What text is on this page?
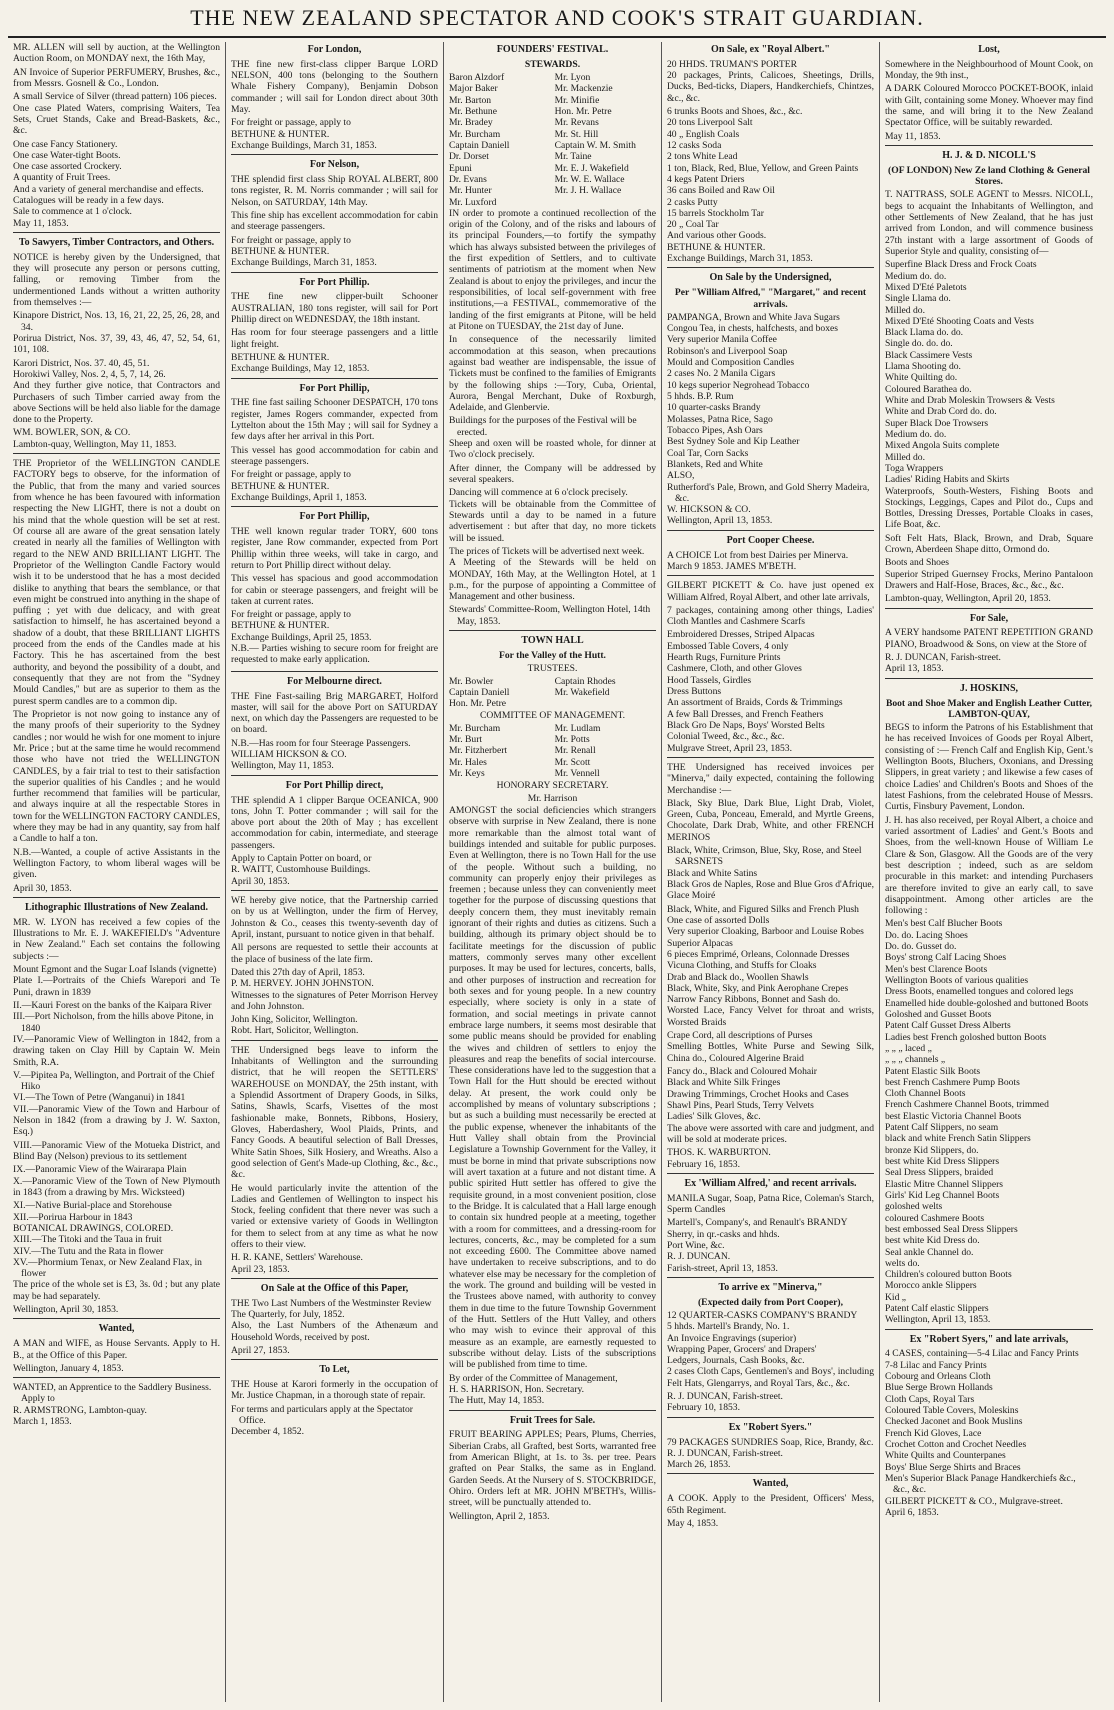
THE NEW ZEALAND SPECTATOR AND COOK'S STRAIT GUARDIAN.
MR. ALLEN will sell by auction, at the Wellington Auction Room, on MONDAY next, the 16th May,
AN Invoice of Superior PERFUMERY, Brushes, &c., from Messrs. Gosnell & Co., London.
A small Service of Silver (thread pattern) 106 pieces.
One case Plated Waters, comprising Waiters, Tea Sets, Cruet Stands, Cake and Bread-Baskets, &c., &c.
One case Fancy Stationery.
One case Water-tight Boots.
One case assorted Crockery.
A quantity of Fruit Trees.
And a variety of general merchandise and effects.
Catalogues will be ready in a few days.
Sale to commence at 1 o'clock.
May 11, 1853.
To Sawyers, Timber Contractors, and Others.
NOTICE is hereby given by the Undersigned, that they will prosecute any person or persons cutting, falling, or removing Timber from the undermentioned Lands without a written authority from themselves :—
Kinapore District, Nos. 13, 16, 21, 22, 25, 26, 28, and 34.
Porirua District, Nos. 37, 39, 43, 46, 47, 52, 54, 61, 101, 108.
Karori District, Nos. 37. 40, 45, 51.
Horokiwi Valley, Nos. 2, 4, 5, 7, 14, 26.
And they further give notice, that Contractors and Purchasers of such Timber carried away from the above Sections will be held also liable for the damage done to the Property.
WM. BOWLER, SON, & CO.
Lambton-quay, Wellington, May 11, 1853.
THE Proprietor of the WELLINGTON CANDLE FACTORY begs to observe, for the information of the Public, that from the many and varied sources from whence he has been favoured with information respecting the New LIGHT, there is not a doubt on his mind that the whole question will be set at rest. Of course all are aware of the great sensation lately created in nearly all the families of Wellington with regard to the NEW AND BRILLIANT LIGHT. The Proprietor of the Wellington Candle Factory would wish it to be understood that he has a most decided dislike to anything that bears the semblance, or that even might be construed into anything in the shape of puffing ; yet with due delicacy, and with great satisfaction to himself, he has ascertained beyond a shadow of a doubt, that these BRILLIANT LIGHTS proceed from the ends of the Candles made at his Factory. This he has ascertained from the best authority, and beyond the possibility of a doubt, and consequently that they are not from the "Sydney Mould Candles," but are as superior to them as the purest sperm candles are to a common dip.
The Proprietor is not now going to instance any of the many proofs of their superiority to the Sydney candles ; nor would he wish for one moment to injure Mr. Price ; but at the same time he would recommend those who have not tried the WELLINGTON CANDLES, by a fair trial to test to their satisfaction the superior qualities of his Candles ; and he would further recommend that families will be particular, and always inquire at all the respectable Stores in town for the WELLINGTON FACTORY CANDLES, where they may be had in any quantity, say from half a Candle to half a ton.
N.B.—Wanted, a couple of active Assistants in the Wellington Factory, to whom liberal wages will be given.
April 30, 1853.
Lithographic Illustrations of New Zealand.
MR. W. LYON has received a few copies of the Illustrations to Mr. E. J. WAKEFIELD's "Adventure in New Zealand." Each set contains the following subjects :—
Mount Egmont and the Sugar Loaf Islands (vignette)
Plate I.—Portraits of the Chiefs Warepori and Te Puni, drawn in 1839
II.—Kauri Forest on the banks of the Kaipara River
III.—Port Nicholson, from the hills above Pitone, in 1840
IV.—Panoramic View of Wellington in 1842, from a drawing taken on Clay Hill by Captain W. Mein Smith, R.A.
V.—Pipitea Pa, Wellington, and Portrait of the Chief Hiko
VI.—The Town of Petre (Wanganui) in 1841
VII.—Panoramic View of the Town and Harbour of Nelson in 1842 (from a drawing by J. W. Saxton, Esq.)
VIII.—Panoramic View of the Motueka District, and Blind Bay (Nelson) previous to its settlement
IX.—Panoramic View of the Wairarapa Plain
X.—Panoramic View of the Town of New Plymouth in 1843 (from a drawing by Mrs. Wicksteed)
XI.—Native Burial-place and Storehouse
XII.—Porirua Harbour in 1843
BOTANICAL DRAWINGS, COLORED.
XIII.—The Titoki and the Taua in fruit
XIV.—The Tutu and the Rata in flower
XV.—Phormium Tenax, or New Zealand Flax, in flower
The price of the whole set is £3, 3s. 0d ; but any plate may be had separately.
Wellington, April 30, 1853.
Wanted,
A MAN and WIFE, as House Servants. Apply to H. B., at the Office of this Paper.
Wellington, January 4, 1853.
WANTED, an Apprentice to the Saddlery Business. Apply to
R. ARMSTRONG, Lambton-quay.
March 1, 1853.
For London,
THE fine new first-class clipper Barque LORD NELSON, 400 tons (belonging to the Southern Whale Fishery Company), Benjamin Dobson commander ; will sail for London direct about 30th May.
For freight or passage, apply to
BETHUNE & HUNTER.
Exchange Buildings, March 31, 1853.
For Nelson,
THE splendid first class Ship ROYAL ALBERT, 800 tons register, R. M. Norris commander ; will sail for Nelson, on SATURDAY, 14th May.
This fine ship has excellent accommodation for cabin and steerage passengers.
For freight or passage, apply to
BETHUNE & HUNTER.
Exchange Buildings, March 31, 1853.
For Port Phillip.
THE fine new clipper-built Schooner AUSTRALIAN, 180 tons register, will sail for Port Phillip direct on WEDNESDAY, the 18th instant.
Has room for four steerage passengers and a little light freight.
BETHUNE & HUNTER.
Exchange Buildings, May 12, 1853.
For Port Phillip,
THE fine fast sailing Schooner DESPATCH, 170 tons register, James Rogers commander, expected from Lyttelton about the 15th May ; will sail for Sydney a few days after her arrival in this Port.
This vessel has good accommodation for cabin and steerage passengers.
For freight or passage, apply to
BETHUNE & HUNTER.
Exchange Buildings, April 1, 1853.
For Port Phillip,
THE well known regular trader TORY, 600 tons register, Jane Row commander, expected from Port Phillip within three weeks, will take in cargo, and return to Port Phillip direct without delay.
This vessel has spacious and good accommodation for cabin or steerage passengers, and freight will be taken at current rates.
For freight or passage, apply to
BETHUNE & HUNTER.
Exchange Buildings, April 25, 1853.
N.B.— Parties wishing to secure room for freight are requested to make early application.
For Melbourne direct.
THE Fine Fast-sailing Brig MARGARET, Holford master, will sail for the above Port on SATURDAY next, on which day the Passengers are requested to be on board.
N.B.—Has room for four Steerage Passengers.
WILLIAM HICKSON & CO.
Wellington, May 11, 1853.
For Port Phillip direct,
THE splendid A 1 clipper Barque OCEANICA, 900 tons, John T. Potter commander ; will sail for the above port about the 20th of May ; has excellent accommodation for cabin, intermediate, and steerage passengers.
Apply to Captain Potter on board, or
R. WAITT, Customhouse Buildings.
April 30, 1853.
WE hereby give notice, that the Partnership carried on by us at Wellington, under the firm of Hervey, Johnston & Co., ceases this twenty-seventh day of April, instant, pursuant to notice given in that behalf.
All persons are requested to settle their accounts at the place of business of the late firm.
Dated this 27th day of April, 1853.
P. M. HERVEY. JOHN JOHNSTON.
Witnesses to the signatures of Peter Morrison Hervey and John Johnston.
John King, Solicitor, Wellington.
Robt. Hart, Solicitor, Wellington.
THE Undersigned begs leave to inform the Inhabitants of Wellington and the surrounding district, that he will reopen the SETTLERS' WAREHOUSE on MONDAY, the 25th instant, with a Splendid Assortment of Drapery Goods, in Silks, Satins, Shawls, Scarfs, Visettes of the most fashionable make, Bonnets, Ribbons, Hosiery, Gloves, Haberdashery, Wool Plaids, Prints, and Fancy Goods. A beautiful selection of Ball Dresses, White Satin Shoes, Silk Hosiery, and Wreaths. Also a good selection of Gent's Made-up Clothing, &c., &c., &c.
He would particularly invite the attention of the Ladies and Gentlemen of Wellington to inspect his Stock, feeling confident that there never was such a varied or extensive variety of Goods in Wellington for them to select from at any time as what he now offers to their view.
H. R. KANE, Settlers' Warehouse.
April 23, 1853.
On Sale at the Office of this Paper,
THE Two Last Numbers of the Westminster Review
The Quarterly, for July, 1852.
Also, the Last Numbers of the Athenæum and Household Words, received by post.
April 27, 1853.
To Let,
THE House at Karori formerly in the occupation of Mr. Justice Chapman, in a thorough state of repair.
For terms and particulars apply at the Spectator Office.
December 4, 1852.
FOUNDERS' FESTIVAL.
STEWARDS.
Baron Alzdorf	Mr. Lyon
Major Baker	Mr. Mackenzie
Mr. Barton	Mr. Minifie
Mr. Bethune	Hon. Mr. Petre
Mr. Bradey	Mr. Revans
Mr. Burcham	Mr. St. Hill
Captain Daniell	Captain W. M. Smith
Dr. Dorset	Mr. Taine
Epuni	Mr. E. J. Wakefield
Dr. Evans	Mr. W. E. Wallace
Mr. Hunter	Mr. J. H. Wallace
Mr. Luxford
IN order to promote a continued recollection of the origin of the Colony, and of the risks and labours of its principal Founders,—to fortify the sympathy which has always subsisted between the privileges of the first expedition of Settlers, and to cultivate sentiments of patriotism at the moment when New Zealand is about to enjoy the privileges, and incur the responsibilities, of local self-government with free institutions,—a FESTIVAL, commemorative of the landing of the first emigrants at Pitone, will be held at Pitone on TUESDAY, the 21st day of June.
In consequence of the necessarily limited accommodation at this season, when precautions against bad weather are indispensable, the issue of Tickets must be confined to the families of Emigrants by the following ships :—Tory, Cuba, Oriental, Aurora, Bengal Merchant, Duke of Roxburgh, Adelaide, and Glenbervie.
Buildings for the purposes of the Festival will be erected.
Sheep and oxen will be roasted whole, for dinner at Two o'clock precisely.
After dinner, the Company will be addressed by several speakers.
Dancing will commence at 6 o'clock precisely.
Tickets will be obtainable from the Committee of Stewards until a day to be named in a future advertisement : but after that day, no more tickets will be issued.
The prices of Tickets will be advertised next week.
A Meeting of the Stewards will be held on MONDAY, 16th May, at the Wellington Hotel, at 1 p.m., for the purpose of appointing a Committee of Management and other business.
Stewards' Committee-Room, Wellington Hotel, 14th May, 1853.
TOWN HALL
For the Valley of the Hutt.
TRUSTEES.
Mr. Bowler	Captain Rhodes
Captain Daniell	Mr. Wakefield
Hon. Mr. Petre
COMMITTEE OF MANAGEMENT.
Mr. Burcham	Mr. Ludlam
Mr. Burt	Mr. Potts
Mr. Fitzherbert	Mr. Renall
Mr. Hales	Mr. Scott
Mr. Keys	Mr. Vennell
HONORARY SECRETARY.
Mr. Harrison
AMONGST the social deficiencies which strangers observe with surprise in New Zealand, there is none more remarkable than the almost total want of buildings intended and suitable for public purposes. Even at Wellington, there is no Town Hall for the use of the people. Without such a building, no community can properly enjoy their privileges as freemen ; because unless they can conveniently meet together for the purpose of discussing questions that deeply concern them, they must inevitably remain ignorant of their rights and duties as citizens. Such a building, although its primary object should be to facilitate meetings for the discussion of public matters, commonly serves many other excellent purposes. It may be used for lectures, concerts, balls, and other purposes of instruction and recreation for both sexes and for young people. In a new country especially, where society is only in a state of formation, and social meetings in private cannot embrace large numbers, it seems most desirable that some public means should be provided for enabling the wives and children of settlers to enjoy the pleasures and reap the benefits of social intercourse. These considerations have led to the suggestion that a Town Hall for the Hutt should be erected without delay. At present, the work could only be accomplished by means of voluntary subscriptions ; but as such a building must necessarily be erected at the public expense, whenever the inhabitants of the Hutt Valley shall obtain from the Provincial Legislature a Township Government for the Valley, it must be borne in mind that private subscriptions now will avert taxation at a future and not distant time. A public spirited Hutt settler has offered to give the requisite ground, in a most convenient position, close to the Bridge. It is calculated that a Hall large enough to contain six hundred people at a meeting, together with a room for committees, and a dressing-room for lectures, concerts, &c., may be completed for a sum not exceeding £600. The Committee above named have undertaken to receive subscriptions, and to do whatever else may be necessary for the completion of the work. The ground and building will be vested in the Trustees above named, with authority to convey them in due time to the future Township Government of the Hutt. Settlers of the Hutt Valley, and others who may wish to evince their approval of this measure as an example, are earnestly requested to subscribe without delay. Lists of the subscriptions will be published from time to time.
By order of the Committee of Management,
H. S. HARRISON, Hon. Secretary.
The Hutt, May 14, 1853.
Fruit Trees for Sale.
FRUIT BEARING APPLES; Pears, Plums, Cherries, Siberian Crabs, all Grafted, best Sorts, warranted free from American Blight, at 1s. to 3s. per tree. Pears grafted on Pear Stalks, the same as in England. Garden Seeds. At the Nursery of S. STOCKBRIDGE, Ohiro. Orders left at MR. JOHN M'BETH's, Willis-street, will be punctually attended to.
Wellington, April 2, 1853.
On Sale, ex "Royal Albert."
20 HHDS. TRUMAN'S PORTER
20 packages, Prints, Calicoes, Sheetings, Drills, Ducks, Bed-ticks, Diapers, Handkerchiefs, Chintzes, &c., &c.
6 trunks Boots and Shoes, &c., &c.
20 tons Liverpool Salt
40 „ English Coals
12 casks Soda
2 tons White Lead
1 ton, Black, Red, Blue, Yellow, and Green Paints
4 kegs Patent Driers
36 cans Boiled and Raw Oil
2 casks Putty
15 barrels Stockholm Tar
20 „ Coal Tar
And various other Goods.
BETHUNE & HUNTER.
Exchange Buildings, March 31, 1853.
On Sale by the Undersigned,
Per "William Alfred," "Margaret," and recent arrivals.
PAMPANGA, Brown and White Java Sugars
Congou Tea, in chests, halfchests, and boxes
Very superior Manila Coffee
Robinson's and Liverpool Soap
Mould and Composition Candles
2 cases No. 2 Manila Cigars
10 kegs superior Negrohead Tobacco
5 hhds. B.P. Rum
10 quarter-casks Brandy
Molasses, Patna Rice, Sago
Tobacco Pipes, Ash Oars
Best Sydney Sole and Kip Leather
Coal Tar, Corn Sacks
Blankets, Red and White
ALSO,
Rutherford's Pale, Brown, and Gold Sherry Madeira, &c.
W. HICKSON & CO.
Wellington, April 13, 1853.
Port Cooper Cheese.
A CHOICE Lot from best Dairies per Minerva.
March 9 1853. JAMES M'BETH.
GILBERT PICKETT & Co. have just opened ex William Alfred, Royal Albert, and other late arrivals,
7 packages, containing among other things, Ladies' Cloth Mantles and Cashmere Scarfs
Embroidered Dresses, Striped Alpacas
Embossed Table Covers, 4 only
Hearth Rugs, Furniture Prints
Cashmere, Cloth, and other Gloves
Hood Tassels, Girdles
Dress Buttons
An assortment of Braids, Cords & Trimmings
A few Ball Dresses, and French Feathers
Black Gro De Naps, Boys' Worsted Belts
Colonial Tweed, &c., &c., &c.
Mulgrave Street, April 23, 1853.
THE Undersigned has received invoices per "Minerva," daily expected, containing the following Merchandise :—
Black, Sky Blue, Dark Blue, Light Drab, Violet, Green, Cuba, Ponceau, Emerald, and Myrtle Greens, Chocolate, Dark Drab, White, and other FRENCH MERINOS
Black, White, Crimson, Blue, Sky, Rose, and Steel SARSNETS
Black and White Satins
Black Gros de Naples, Rose and Blue Gros d'Afrique, Glace Moiré
Black, White, and Figured Silks and French Plush
One case of assorted Dolls
Very superior Cloaking, Barboor and Louise Robes
Superior Alpacas
6 pieces Emprimé, Orleans, Colonnade Dresses
Vicuna Clothing, and Stuffs for Cloaks
Drab and Black do., Woollen Shawls
Black, White, Sky, and Pink Aerophane Crepes
Narrow Fancy Ribbons, Bonnet and Sash do.
Worsted Lace, Fancy Velvet for throat and wrists, Worsted Braids
Crape Cord, all descriptions of Purses
Smelling Bottles, White Purse and Sewing Silk, China do., Coloured Algerine Braid
Fancy do., Black and Coloured Mohair
Black and White Silk Fringes
Drawing Trimmings, Crochet Hooks and Cases
Shawl Pins, Pearl Studs, Terry Velvets
Ladies' Silk Gloves, &c.
The above were assorted with care and judgment, and will be sold at moderate prices.
THOS. K. WARBURTON.
February 16, 1853.
Ex 'William Alfred,' and recent arrivals.
MANILA Sugar, Soap, Patna Rice, Coleman's Starch, Sperm Candles
Martell's, Company's, and Renault's BRANDY
Sherry, in qr.-casks and hhds.
Port Wine, &c.
R. J. DUNCAN.
Farish-street, April 13, 1853.
To arrive ex "Minerva,"
(Expected daily from Port Cooper),
12 QUARTER-CASKS COMPANY'S BRANDY
5 hhds. Martell's Brandy, No. 1.
An Invoice Engravings (superior)
Wrapping Paper, Grocers' and Drapers'
Ledgers, Journals, Cash Books, &c.
2 cases Cloth Caps, Gentlemen's and Boys', including Felt Hats, Glengarrys, and Royal Tars, &c., &c.
R. J. DUNCAN, Farish-street.
February 10, 1853.
Ex "Robert Syers."
79 PACKAGES SUNDRIES Soap, Rice, Brandy, &c.
R. J. DUNCAN, Farish-street.
March 26, 1853.
Wanted,
A COOK. Apply to the President, Officers' Mess, 65th Regiment.
May 4, 1853.
Lost,
Somewhere in the Neighbourhood of Mount Cook, on Monday, the 9th inst.,
A DARK Coloured Morocco POCKET-BOOK, inlaid with Gilt, containing some Money. Whoever may find the same, and will bring it to the New Zealand Spectator Office, will be suitably rewarded.
May 11, 1853.
H. J. & D. NICOLL'S
(OF LONDON) New Ze land Clothing & General Stores.
T. NATTRASS, SOLE AGENT to Messrs. NICOLL, begs to acquaint the Inhabitants of Wellington, and other Settlements of New Zealand, that he has just arrived from London, and will commence business 27th instant with a large assortment of Goods of Superior Style and quality, consisting of—
Superfine Black Dress and Frock Coats
Medium do. do.
Mixed D'Eté Paletots
Single Llama do.
Milled do.
Mixed D'Eté Shooting Coats and Vests
Black Llama do. do.
Single do. do. do.
Black Cassimere Vests
Llama Shooting do.
White Quilting do.
Coloured Barathea do.
White and Drab Moleskin Trowsers & Vests
White and Drab Cord do. do.
Super Black Doe Trowsers
Medium do. do.
Mixed Angola Suits complete
Milled do.
Toga Wrappers
Ladies' Riding Habits and Skirts
Waterproofs, South-Westers, Fishing Boots and Stockings, Leggings, Capes and Pilot do., Cups and Bottles, Dressing Dresses, Portable Cloaks in cases, Life Boat, &c.
Soft Felt Hats, Black, Brown, and Drab, Square Crown, Aberdeen Shape ditto, Ormond do.
Boots and Shoes
Superior Striped Guernsey Frocks, Merino Pantaloon Drawers and Half-Hose, Braces, &c., &c., &c.
Lambton-quay, Wellington, April 20, 1853.
For Sale,
A VERY handsome PATENT REPETITION GRAND PIANO, Broadwood & Sons, on view at the Store of
R. J. DUNCAN, Farish-street.
April 13, 1853.
J. HOSKINS,
Boot and Shoe Maker and English Leather Cutter, LAMBTON-QUAY,
BEGS to inform the Patrons of his Establishment that he has received Invoices of Goods per Royal Albert, consisting of :— French Calf and English Kip, Gent.'s Wellington Boots, Bluchers, Oxonians, and Dressing Slippers, in great variety ; and likewise a few cases of choice Ladies' and Children's Boots and Shoes of the latest Fashions, from the celebrated House of Messrs. Curtis, Finsbury Pavement, London.
J. H. has also received, per Royal Albert, a choice and varied assortment of Ladies' and Gent.'s Boots and Shoes, from the well-known House of William Le Clare & Son, Glasgow. All the Goods are of the very best description ; indeed, such as are seldom procurable in this market: and intending Purchasers are therefore invited to give an early call, to save disappointment. Among other articles are the following :
Men's best Calf Blucher Boots
Do. do. Lacing Shoes
Do. do. Gusset do.
Boys' strong Calf Lacing Shoes
Men's best Clarence Boots
Wellington Boots of various qualities
Dress Boots, enamelled tongues and colored legs
Enamelled hide double-goloshed and buttoned Boots
Goloshed and Gusset Boots
Patent Calf Gusset Dress Alberts
Ladies best French goloshed button Boots
„ „ „ laced „
„ „ „ channels „
Patent Elastic Silk Boots
best French Cashmere Pump Boots
Cloth Channel Boots
French Cashmere Channel Boots, trimmed
best Elastic Victoria Channel Boots
Patent Calf Slippers, no seam
black and white French Satin Slippers
bronze Kid Slippers, do.
best white Kid Dress Slippers
Seal Dress Slippers, braided
Elastic Mitre Channel Slippers
Girls' Kid Leg Channel Boots
goloshed welts
coloured Cashmere Boots
best embossed Seal Dress Slippers
best white Kid Dress do.
Seal ankle Channel do.
welts do.
Children's coloured button Boots
Morocco ankle Slippers
Kid „
Patent Calf elastic Slippers
Wellington, April 13, 1853.
Ex "Robert Syers," and late arrivals,
4 CASES, containing—5-4 Lilac and Fancy Prints
7-8 Lilac and Fancy Prints
Cobourg and Orleans Cloth
Blue Serge Brown Hollands
Cloth Caps, Royal Tars
Coloured Table Covers, Moleskins
Checked Jaconet and Book Muslins
French Kid Gloves, Lace
Crochet Cotton and Crochet Needles
White Quilts and Counterpanes
Boys' Blue Serge Shirts and Braces
Men's Superior Black Panage Handkerchiefs &c., &c., &c.
GILBERT PICKETT & CO., Mulgrave-street.
April 6, 1853.
